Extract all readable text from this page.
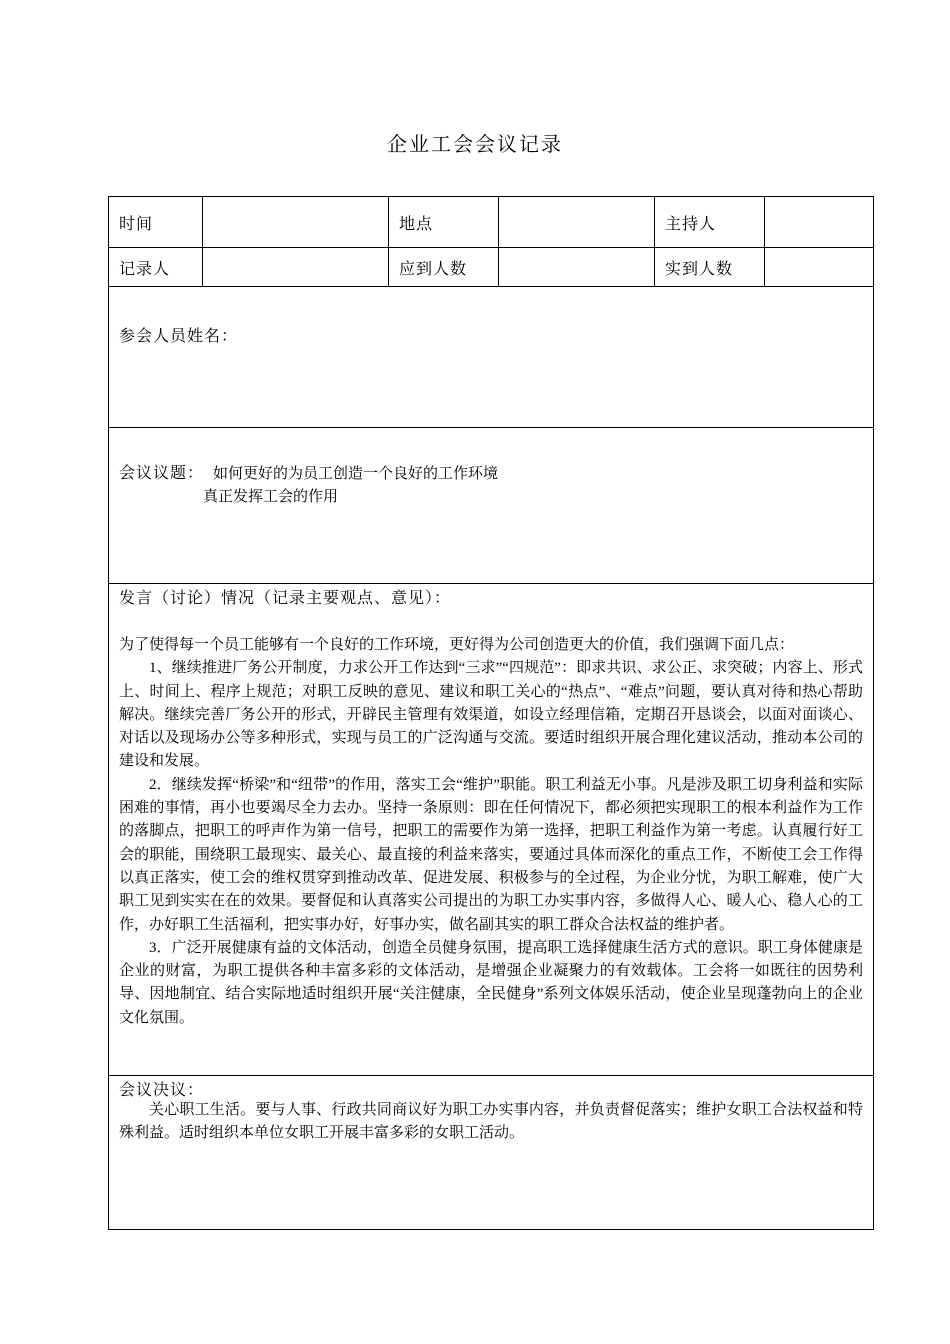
企业工会会议记录
时间	地点	主持人
记录人	应到人数	实到人数
参会人员姓名：
会议议题： 如何更好的为员工创造一个良好的工作环境
真正发挥工会的作用
发言（讨论）情况（记录主要观点、意见）：

为了使得每一个员工能够有一个良好的工作环境，更好得为公司创造更大的价值，我们强调下面几点：

1、继续推进厂务公开制度，力求公开工作达到“三求”“四规范”：即求共识、求公正、求突破；内容上、形式上、时间上、程序上规范；对职工反映的意见、建议和职工关心的“热点”、“难点”问题，要认真对待和热心帮助解决。继续完善厂务公开的形式，开辟民主管理有效渠道，如设立经理信箱，定期召开恳谈会，以面对面谈心、对话以及现场办公等多种形式，实现与员工的广泛沟通与交流。要适时组织开展合理化建议活动，推动本公司的建设和发展。

2．继续发挥“桥梁”和“纽带”的作用，落实工会“维护”职能。职工利益无小事。凡是涉及职工切身利益和实际困难的事情，再小也要竭尽全力去办。坚持一条原则：即在任何情况下，都必须把实现职工的根本利益作为工作的落脚点，把职工的呼声作为第一信号，把职工的需要作为第一选择，把职工利益作为第一考虑。认真履行好工会的职能，围绕职工最现实、最关心、最直接的利益来落实，要通过具体而深化的重点工作，不断使工会工作得以真正落实，使工会的维权贯穿到推动改革、促进发展、积极参与的全过程，为企业分忧，为职工解难，使广大职工见到实实在在的效果。要督促和认真落实公司提出的为职工办实事内容，多做得人心、暖人心、稳人心的工作，办好职工生活福利，把实事办好，好事办实，做名副其实的职工群众合法权益的维护者。

3．广泛开展健康有益的文体活动，创造全员健身氛围，提高职工选择健康生活方式的意识。职工身体健康是企业的财富，为职工提供各种丰富多彩的文体活动，是增强企业凝聚力的有效载体。工会将一如既往的因势利导、因地制宜、结合实际地适时组织开展“关注健康，全民健身”系列文体娱乐活动，使企业呈现蓬勃向上的企业文化氛围。

会议决议：

关心职工生活。要与人事、行政共同商议好为职工办实事内容，并负责督促落实；维护女职工合法权益和特殊利益。适时组织本单位女职工开展丰富多彩的女职工活动。
